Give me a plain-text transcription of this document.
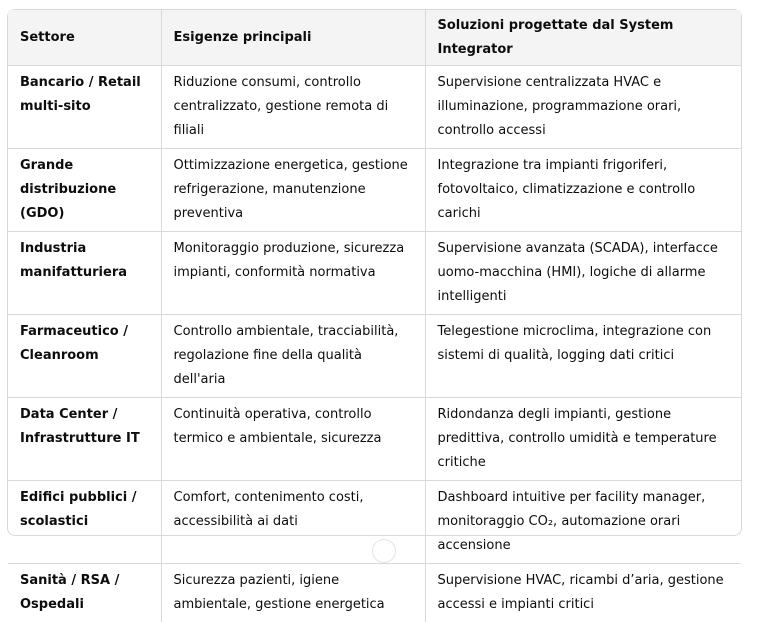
Settore	Esigenze principali	Soluzioni progettate dal System Integrator
Bancario / Retail multi-sito	Riduzione consumi, controllo centralizzato, gestione remota di filiali	Supervisione centralizzata HVAC e illuminazione, programmazione orari, controllo accessi
Grande distribuzione (GDO)	Ottimizzazione energetica, gestione refrigerazione, manutenzione preventiva	Integrazione tra impianti frigoriferi, fotovoltaico, climatizzazione e controllo carichi
Industria manifatturiera	Monitoraggio produzione, sicurezza impianti, conformità normativa	Supervisione avanzata (SCADA), interfacce uomo-macchina (HMI), logiche di allarme intelligenti
Farmaceutico / Cleanroom	Controllo ambientale, tracciabilità, regolazione fine della qualità dell'aria	Telegestione microclima, integrazione con sistemi di qualità, logging dati critici
Data Center / Infrastrutture IT	Continuità operativa, controllo termico e ambientale, sicurezza	Ridondanza degli impianti, gestione predittiva, controllo umidità e temperature critiche
Edifici pubblici / scolastici	Comfort, contenimento costi, accessibilità ai dati	Dashboard intuitive per facility manager, monitoraggio CO₂, automazione orari accensione
Sanità / RSA / Ospedali	Sicurezza pazienti, igiene ambientale, gestione energetica	Supervisione HVAC, ricambi d’aria, gestione accessi e impianti critici
